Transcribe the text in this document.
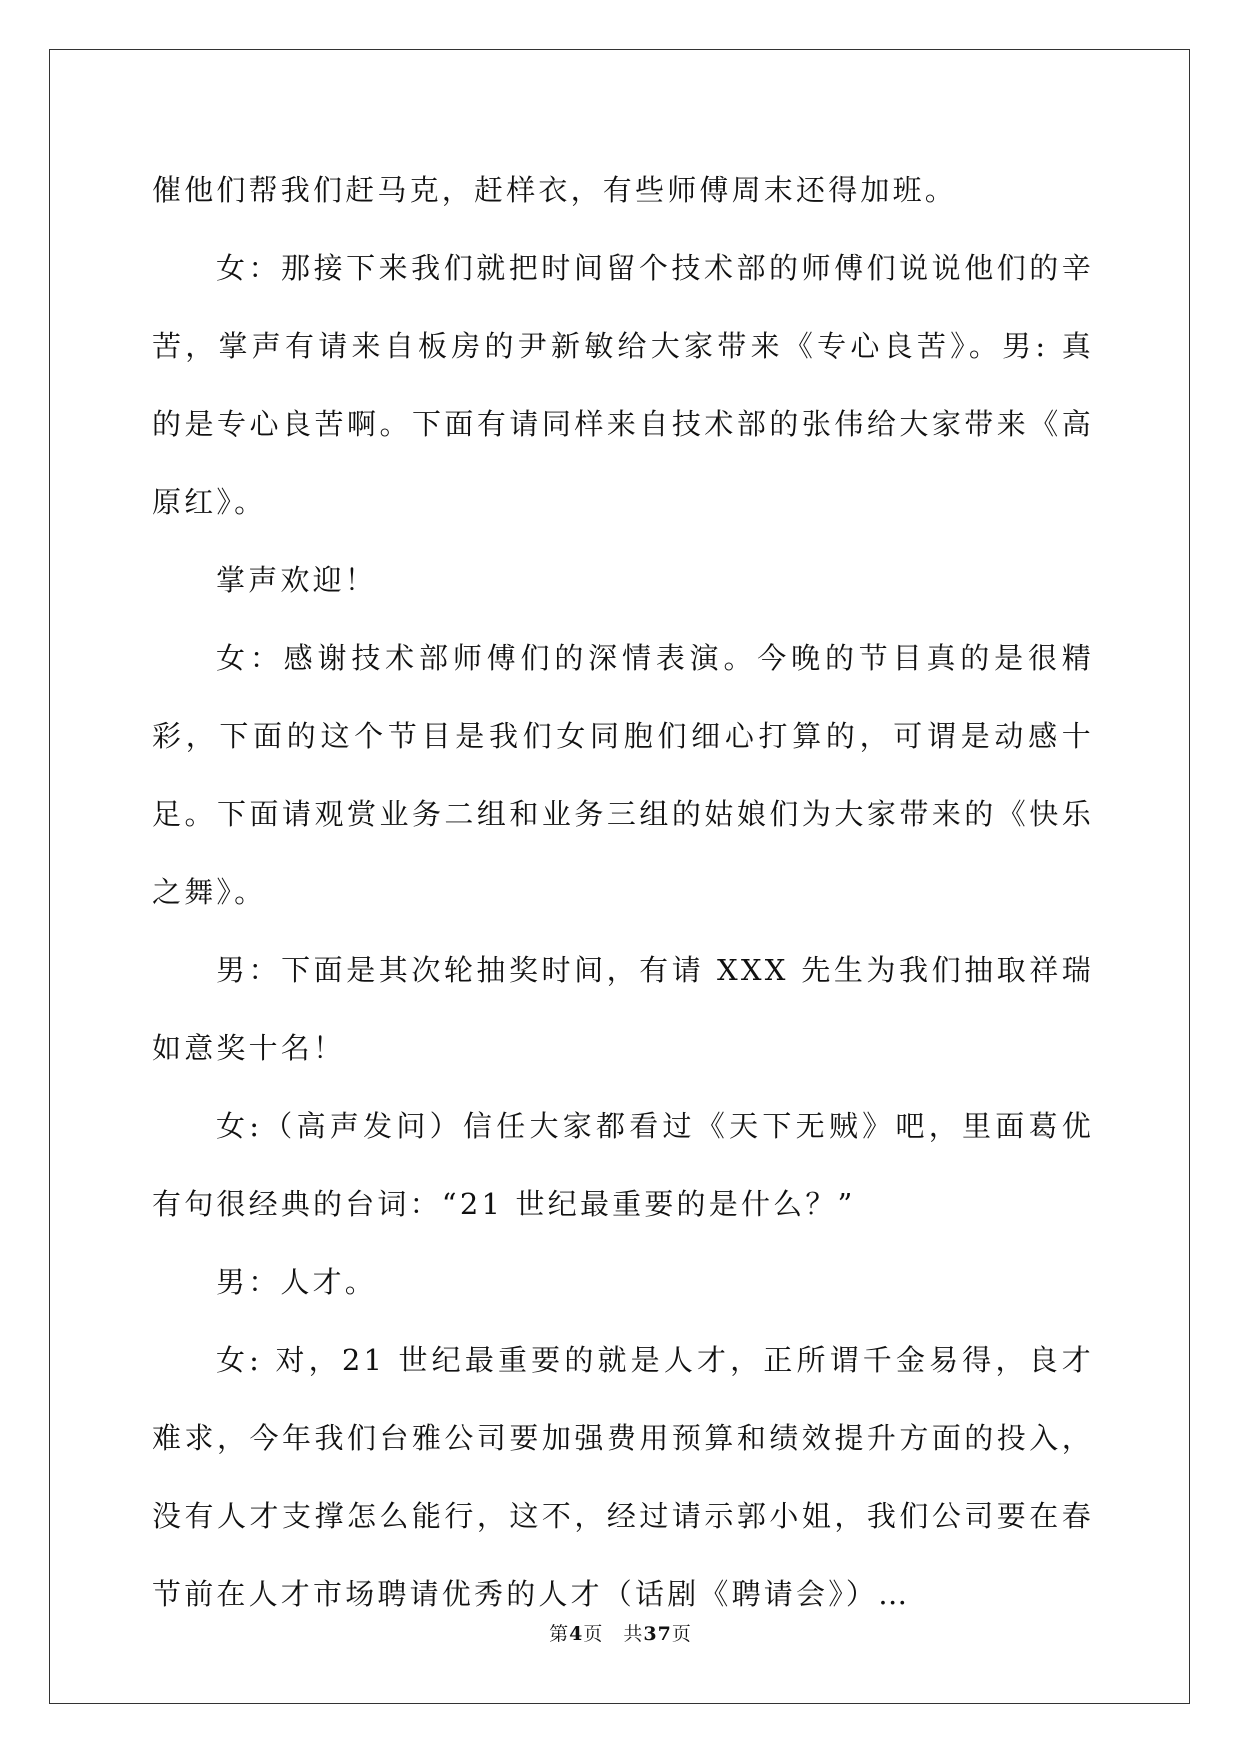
催他们帮我们赶马克，赶样衣，有些师傅周末还得加班。

女：那接下来我们就把时间留个技术部的师傅们说说他们的辛苦，掌声有请来自板房的尹新敏给大家带来《专心良苦》。男: 真的是专心良苦啊。下面有请同样来自技术部的张伟给大家带来《高原红》。

掌声欢迎！

女：感谢技术部师傅们的深情表演。今晚的节目真的是很精彩，下面的这个节目是我们女同胞们细心打算的，可谓是动感十足。下面请观赏业务二组和业务三组的姑娘们为大家带来的《快乐之舞》。

男：下面是其次轮抽奖时间，有请 XXX 先生为我们抽取祥瑞如意奖十名！

女:（高声发问）信任大家都看过《天下无贼》吧，里面葛优有句很经典的台词：“21 世纪最重要的是什么？”

男：人才。

女: 对，21 世纪最重要的就是人才，正所谓千金易得，良才难求，今年我们台雅公司要加强费用预算和绩效提升方面的投入，没有人才支撑怎么能行，这不，经过请示郭小姐，我们公司要在春节前在人才市场聘请优秀的人才（话剧《聘请会》）…

第4页 共37页
